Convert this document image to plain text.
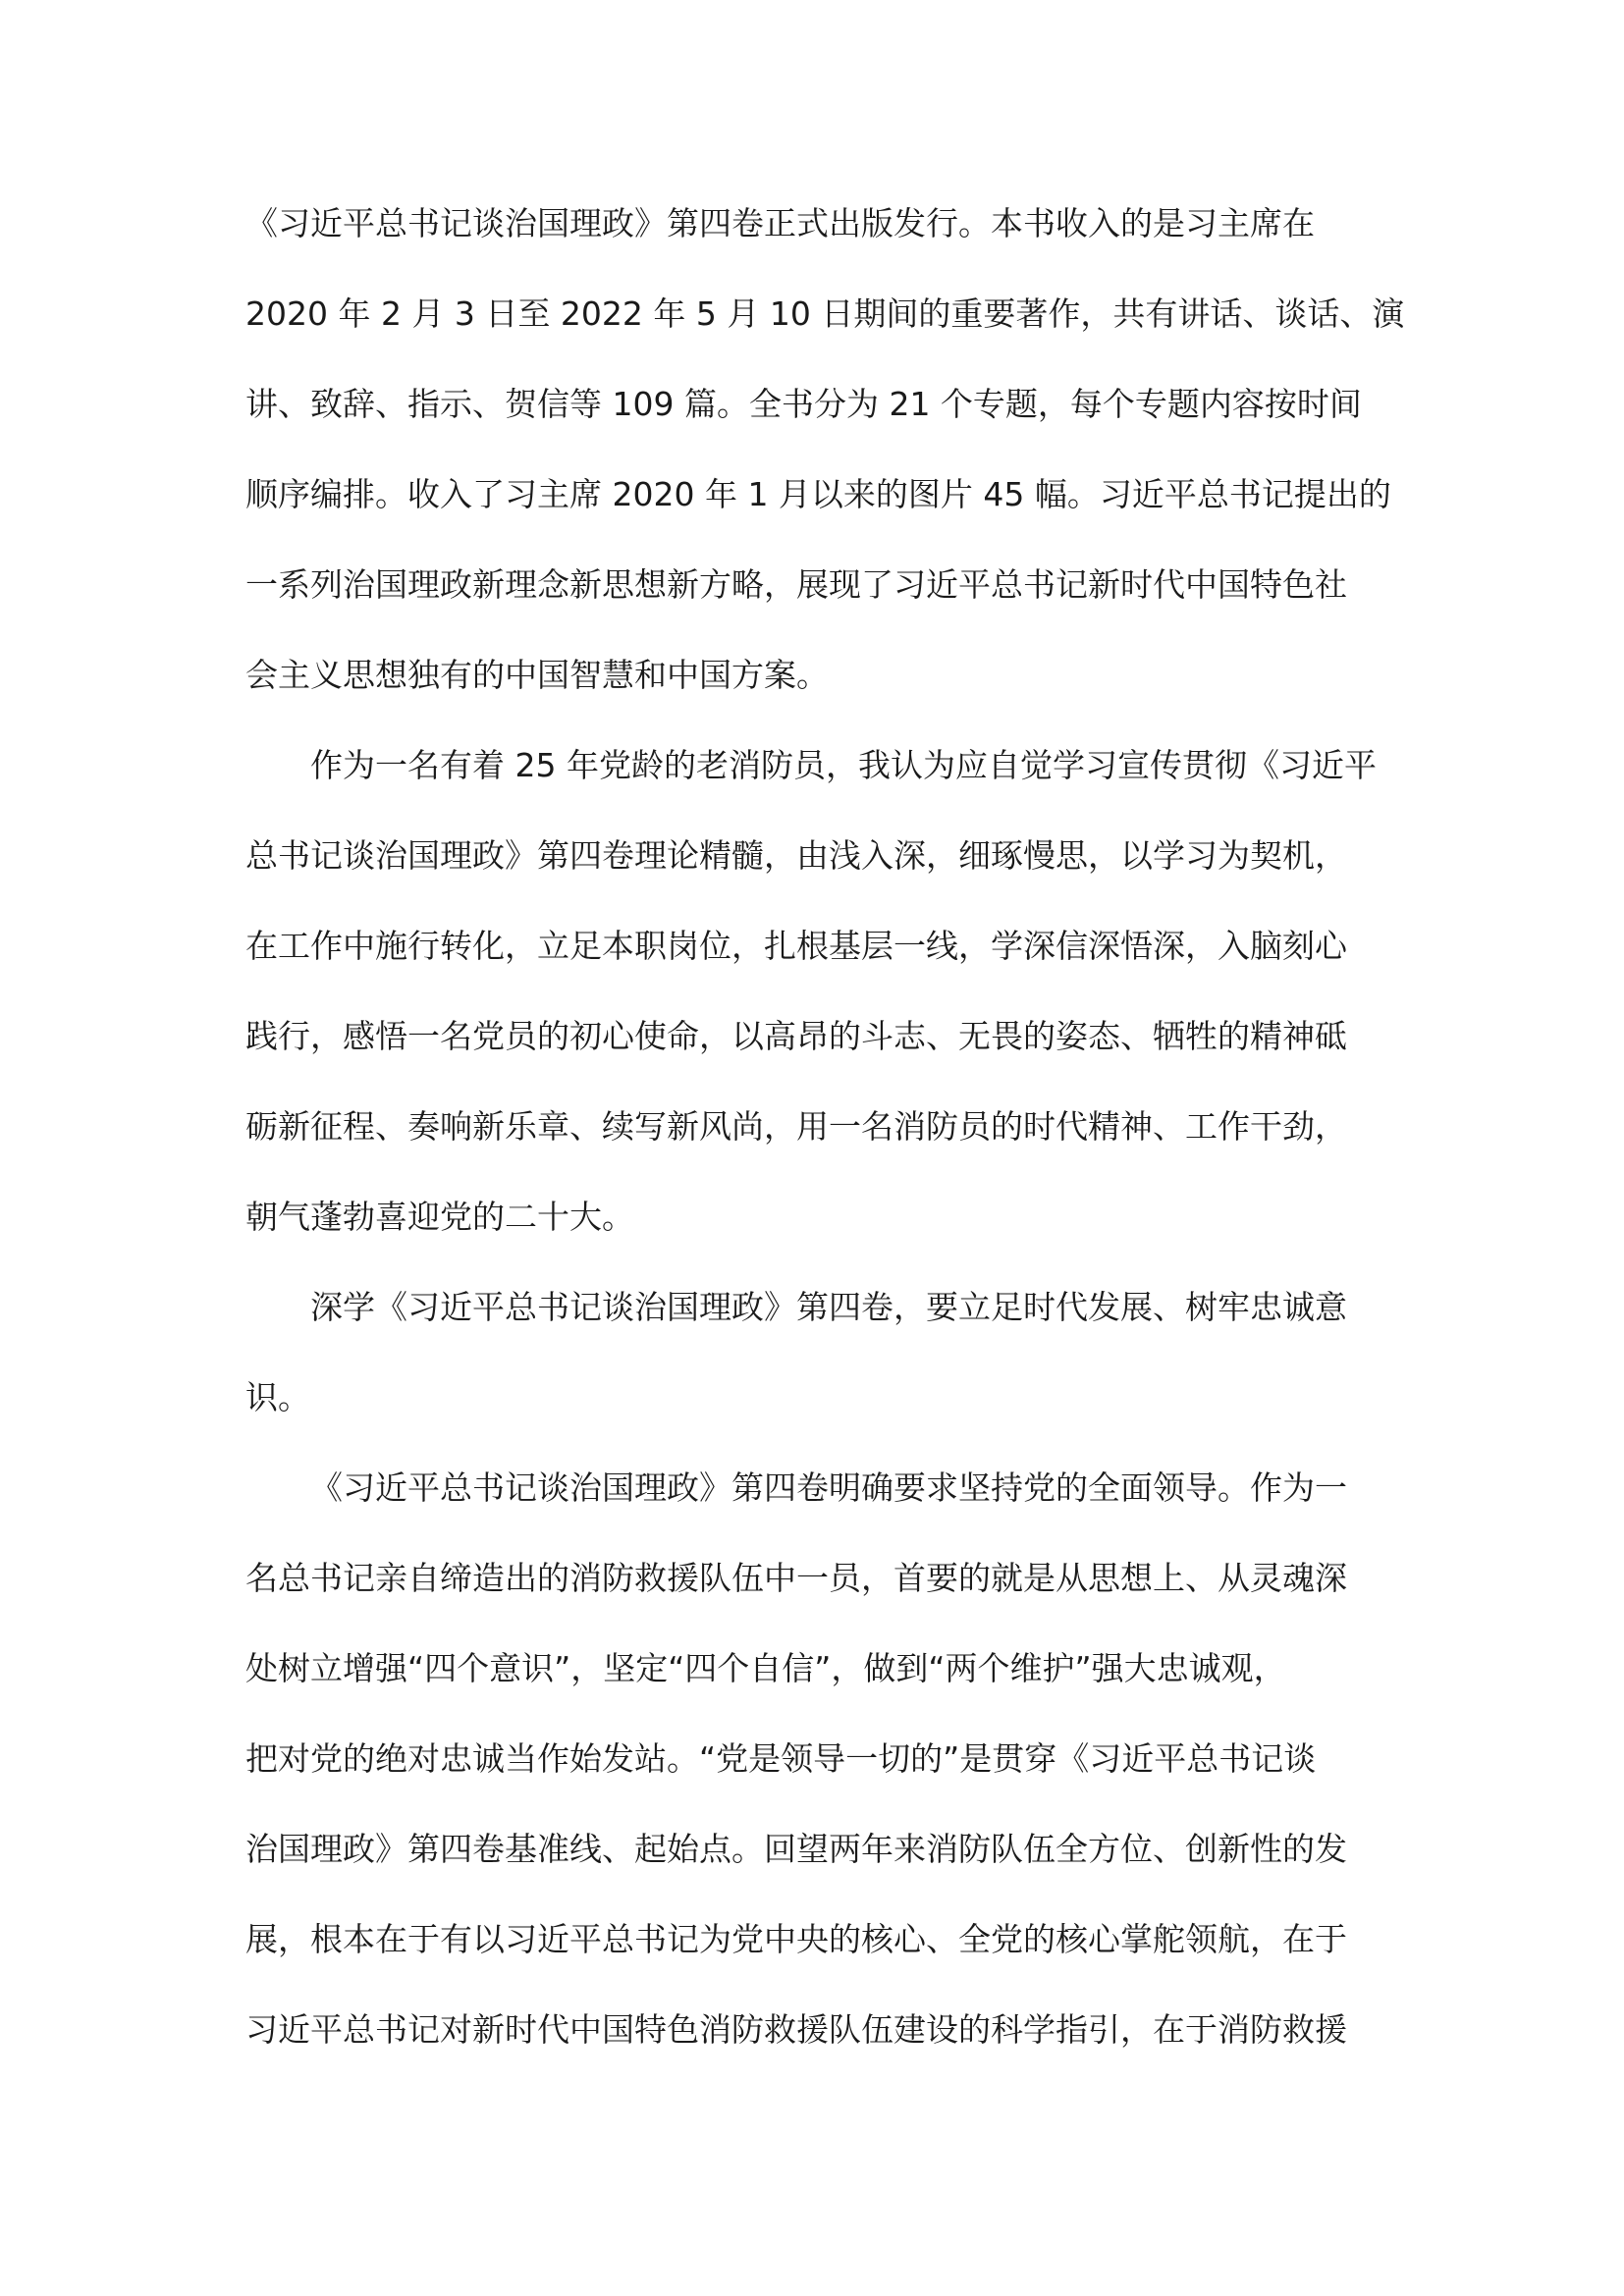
《习近平总书记谈治国理政》第四卷正式出版发行。本书收入的是习主席在
2020 年 2 月 3 日至 2022 年 5 月 10 日期间的重要著作，共有讲话、谈话、演
讲、致辞、指示、贺信等 109 篇。全书分为 21 个专题，每个专题内容按时间
顺序编排。收入了习主席 2020 年 1 月以来的图片 45 幅。习近平总书记提出的
一系列治国理政新理念新思想新方略，展现了习近平总书记新时代中国特色社
会主义思想独有的中国智慧和中国方案。
作为一名有着 25 年党龄的老消防员，我认为应自觉学习宣传贯彻《习近平
总书记谈治国理政》第四卷理论精髓，由浅入深，细琢慢思，以学习为契机，
在工作中施行转化，立足本职岗位，扎根基层一线，学深信深悟深，入脑刻心
践行，感悟一名党员的初心使命，以高昂的斗志、无畏的姿态、牺牲的精神砥
砺新征程、奏响新乐章、续写新风尚，用一名消防员的时代精神、工作干劲，
朝气蓬勃喜迎党的二十大。
深学《习近平总书记谈治国理政》第四卷，要立足时代发展、树牢忠诚意
识。
《习近平总书记谈治国理政》第四卷明确要求坚持党的全面领导。作为一
名总书记亲自缔造出的消防救援队伍中一员，首要的就是从思想上、从灵魂深
处树立增强“四个意识”，坚定“四个自信”，做到“两个维护”强大忠诚观，
把对党的绝对忠诚当作始发站。“党是领导一切的”是贯穿《习近平总书记谈
治国理政》第四卷基准线、起始点。回望两年来消防队伍全方位、创新性的发
展，根本在于有以习近平总书记为党中央的核心、全党的核心掌舵领航，在于
习近平总书记对新时代中国特色消防救援队伍建设的科学指引，在于消防救援
